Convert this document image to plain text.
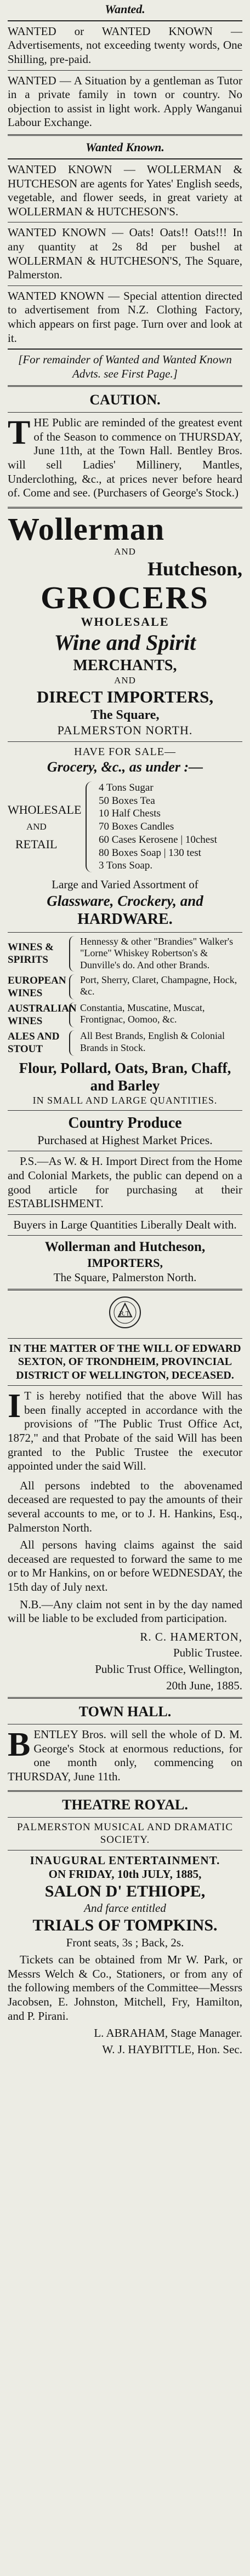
Wanted.

WANTED or WANTED KNOWN — Advertisements, not exceeding twenty words, One Shilling, pre-paid.

WANTED — A Situation by a gentleman as Tutor in a private family in town or country. No objection to assist in light work. Apply Wanganui Labour Exchange.

Wanted Known.

WANTED KNOWN — WOLLERMAN & HUTCHESON are agents for Yates' English seeds, vegetable, and flower seeds, in great variety at WOLLERMAN & HUTCHESON'S.

WANTED KNOWN — Oats! Oats!! Oats!!! In any quantity at 2s 8d per bushel at WOLLERMAN & HUTCHESON'S, The Square, Palmerston.

WANTED KNOWN — Special attention directed to advertisement from N.Z. Clothing Factory, which appears on first page. Turn over and look at it.

[For remainder of Wanted and Wanted Known Advts. see First Page.]

CAUTION.

THE Public are reminded of the greatest event of the Season to commence on THURSDAY, June 11th, at the Town Hall. Bentley Bros. will sell Ladies' Millinery, Mantles, Underclothing, &c., at prices never before heard of. Come and see. (Purchasers of George's Stock.)

Wollerman
AND
Hutcheson,
GROCERS
WHOLESALE
Wine and Spirit
MERCHANTS,
AND
DIRECT IMPORTERS,
The Square,
PALMERSTON NORTH.
HAVE FOR SALE—
Grocery, &c., as under :—
WHOLESALE
AND
RETAIL
4 Tons Sugar
50 Boxes Tea
10 Half Chests
70 Boxes Candles
60 Cases Kerosene | 10chest
80 Boxes Soap | 130 test
3 Tons Soap.
Large and Varied Assortment of
Glassware, Crockery, and
HARDWARE.
WINES & SPIRITS
Hennessy & other "Brandies" Walker's "Lorne" Whiskey Robertson's & Dunville's do. And other Brands.
EUROPEAN WINES
Port, Sherry, Claret, Champagne, Hock, &c.
AUSTRALIAN WINES
Constantia, Muscatine, Muscat, Frontignac, Oomoo, &c.
ALES AND STOUT
All Best Brands, English & Colonial Brands in Stock.
Flour, Pollard, Oats, Bran, Chaff, and Barley
IN SMALL AND LARGE QUANTITIES.
Country Produce
Purchased at Highest Market Prices.

P.S.—As W. & H. Import Direct from the Home and Colonial Markets, the public can depend on a good article for purchasing at their ESTABLISHMENT.

Buyers in Large Quantities Liberally Dealt with.

Wollerman and Hutcheson,
IMPORTERS,
The Square, Palmerston North.
R.T.

IN THE MATTER OF THE WILL OF EDWARD SEXTON, OF TRONDHEIM, PROVINCIAL DISTRICT OF WELLINGTON, DECEASED.

I T is hereby notified that the above Will has been finally accepted in accordance with the provisions of "The Public Trust Office Act, 1872," and that Probate of the said Will has been granted to the Public Trustee the executor appointed under the said Will.

All persons indebted to the abovenamed deceased are requested to pay the amounts of their several accounts to me, or to J. H. Hankins, Esq., Palmerston North.

All persons having claims against the said deceased are requested to forward the same to me or to Mr Hankins, on or before WEDNESDAY, the 15th day of July next.

N.B.—Any claim not sent in by the day named will be liable to be excluded from participation.

R. C. HAMERTON,
Public Trustee.
Public Trust Office, Wellington,
20th June, 1885.
TOWN HALL.

BENTLEY Bros. will sell the whole of D. M. George's Stock at enormous reductions, for one month only, commencing on THURSDAY, June 11th.

THEATRE ROYAL.
PALMERSTON MUSICAL AND DRAMATIC SOCIETY.
INAUGURAL ENTERTAINMENT.
ON FRIDAY, 10th JULY, 1885,
SALON D' ETHIOPE,
And farce entitled
TRIALS OF TOMPKINS.
Front seats, 3s ; Back, 2s.

Tickets can be obtained from Mr W. Park, or Messrs Welch & Co., Stationers, or from any of the following members of the Committee—Messrs Jacobsen, E. Johnston, Mitchell, Fry, Hamilton, and P. Pirani.

L. ABRAHAM, Stage Manager.
W. J. HAYBITTLE, Hon. Sec.
